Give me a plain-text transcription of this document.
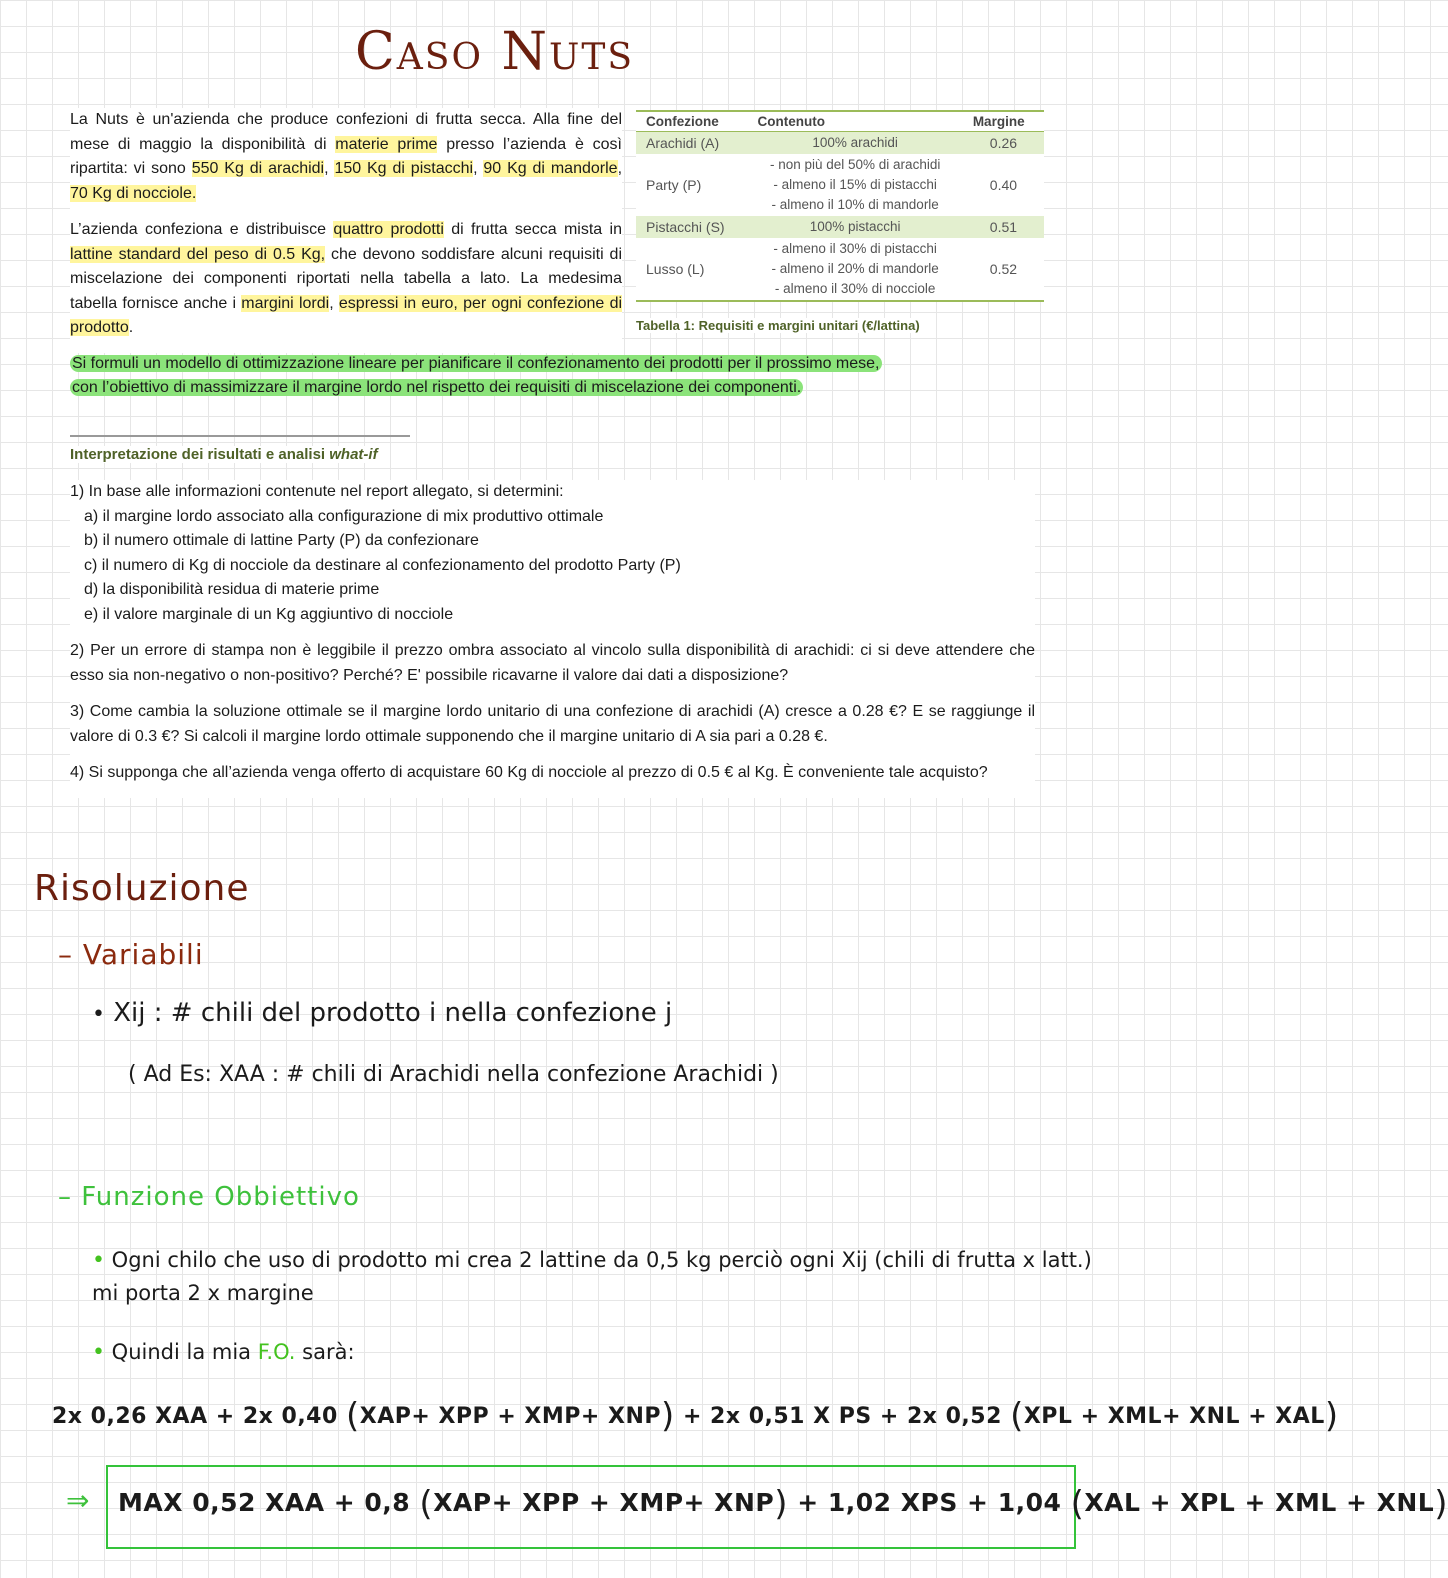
Caso Nuts

La Nuts è un'azienda che produce confezioni di frutta secca. Alla fine del mese di maggio la disponibilità di materie prime presso l’azienda è così ripartita: vi sono 550 Kg di arachidi, 150 Kg di pistacchi, 90 Kg di mandorle, 70 Kg di nocciole.

L’azienda confeziona e distribuisce quattro prodotti di frutta secca mista in lattine standard del peso di 0.5 Kg, che devono soddisfare alcuni requisiti di miscelazione dei componenti riportati nella tabella a lato. La medesima tabella fornisce anche i margini lordi, espressi in euro, per ogni confezione di prodotto.

Confezione	Contenuto	Margine
Arachidi (A)	100% arachidi	0.26
Party (P)	- non più del 50% di arachidi
- almeno il 15% di pistacchi
- almeno il 10% di mandorle	0.40
Pistacchi (S)	100% pistacchi	0.51
Lusso (L)	- almeno il 30% di pistacchi
- almeno il 20% di mandorle
- almeno il 30% di nocciole	0.52
Tabella 1: Requisiti e margini unitari (€/lattina)
Si formuli un modello di ottimizzazione lineare per pianificare il confezionamento dei prodotti per il prossimo mese,
con l’obiettivo di massimizzare il margine lordo nel rispetto dei requisiti di miscelazione dei componenti.
Interpretazione dei risultati e analisi what-if

1) In base alle informazioni contenute nel report allegato, si determini:
a) il margine lordo associato alla configurazione di mix produttivo ottimale
b) il numero ottimale di lattine Party (P) da confezionare
c) il numero di Kg di nocciole da destinare al confezionamento del prodotto Party (P)
d) la disponibilità residua di materie prime
e) il valore marginale di un Kg aggiuntivo di nocciole

2) Per un errore di stampa non è leggibile il prezzo ombra associato al vincolo sulla disponibilità di arachidi: ci si deve attendere che esso sia non-negativo o non-positivo? Perché? E' possibile ricavarne il valore dai dati a disposizione?

3) Come cambia la soluzione ottimale se il margine lordo unitario di una confezione di arachidi (A) cresce a 0.28 €? E se raggiunge il valore di 0.3 €? Si calcoli il margine lordo ottimale supponendo che il margine unitario di A sia pari a 0.28 €.

4) Si supponga che all’azienda venga offerto di acquistare 60 Kg di nocciole al prezzo di 0.5 € al Kg. È conveniente tale acquisto?

Risoluzione
– Variabili
• Xij : # chili del prodotto i nella confezione j
( Ad Es: XAA : # chili di Arachidi nella confezione Arachidi )
– Funzione Obbiettivo
• Ogni chilo che uso di prodotto mi crea 2 lattine da 0,5 kg perciò ogni Xij (chili di frutta x latt.) mi porta 2 x margine
• Quindi la mia F.O. sarà:
2x 0,26 XAA + 2x 0,40 (XAP+ XPP + XMP+ XNP) + 2x 0,51 X PS + 2x 0,52 (XPL + XML+ XNL + XAL)
⇒ MAX 0,52 XAA + 0,8 (XAP+ XPP + XMP+ XNP) + 1,02 XPS + 1,04 (XAL + XPL + XML + XNL)
